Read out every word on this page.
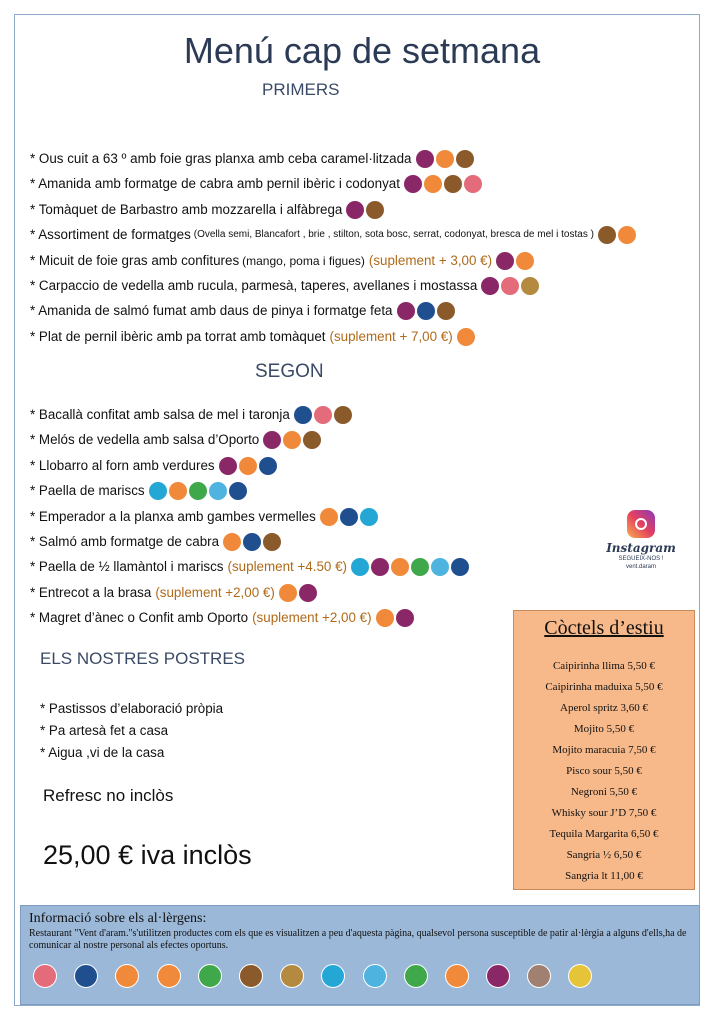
Menú cap de setmana
PRIMERS
* Ous cuit a 63 º amb foie gras planxa amb ceba caramel·litzada
* Amanida amb formatge de cabra amb pernil ibèric i codonyat
* Tomàquet de Barbastro amb mozzarella i alfàbrega
* Assortiment de formatges (Ovella semi, Blancafort , brie , stilton, sota bosc, serrat, codonyat, bresca de mel i tostas )
* Micuit de foie gras amb confitures (mango, poma i figues) (suplement + 3,00 €)
* Carpaccio de vedella amb rucula, parmesà, taperes, avellanes i mostassa
* Amanida de salmó fumat amb daus de pinya i formatge feta
* Plat de pernil ibèric amb pa torrat amb tomàquet (suplement + 7,00 €)
SEGON
* Bacallà confitat amb salsa de mel i taronja
* Melós de vedella amb salsa d’Oporto
* Llobarro al forn amb verdures
* Paella de mariscs
* Emperador a la planxa amb gambes vermelles
* Salmó amb formatge de cabra
* Paella de ½ llamàntol i mariscs (suplement +4.50 €)
* Entrecot a la brasa (suplement +2,00 €)
* Magret d’ànec o Confit amb Oporto (suplement +2,00 €)
ELS NOSTRES POSTRES
* Pastissos d’elaboració pròpia
* Pa artesà fet a casa
* Aigua ,vi de la casa
Refresc no inclòs
25,00 € iva inclòs
Instagram
SEGUEIX-NOS !
vent.daram
Còctels d’estiu
Caipirinha llima 5,50 €
Caipirinha maduixa 5,50 €
Aperol spritz 3,60 €
Mojito 5,50 €
Mojito maracuia 7,50 €
Pisco sour 5,50 €
Negroni 5,50 €
Whisky sour J’D 7,50 €
Tequila Margarita 6,50 €
Sangria ½ 6,50 €
Sangria lt 11,00 €
Informació sobre els al·lèrgens:
Restaurant "Vent d'aram."s'utilitzen productes com els que es visualitzen a peu d'aquesta pàgina, qualsevol persona susceptible de patir al·lèrgia a alguns d'ells,ha de comunicar al nostre personal als efectes oportuns.
